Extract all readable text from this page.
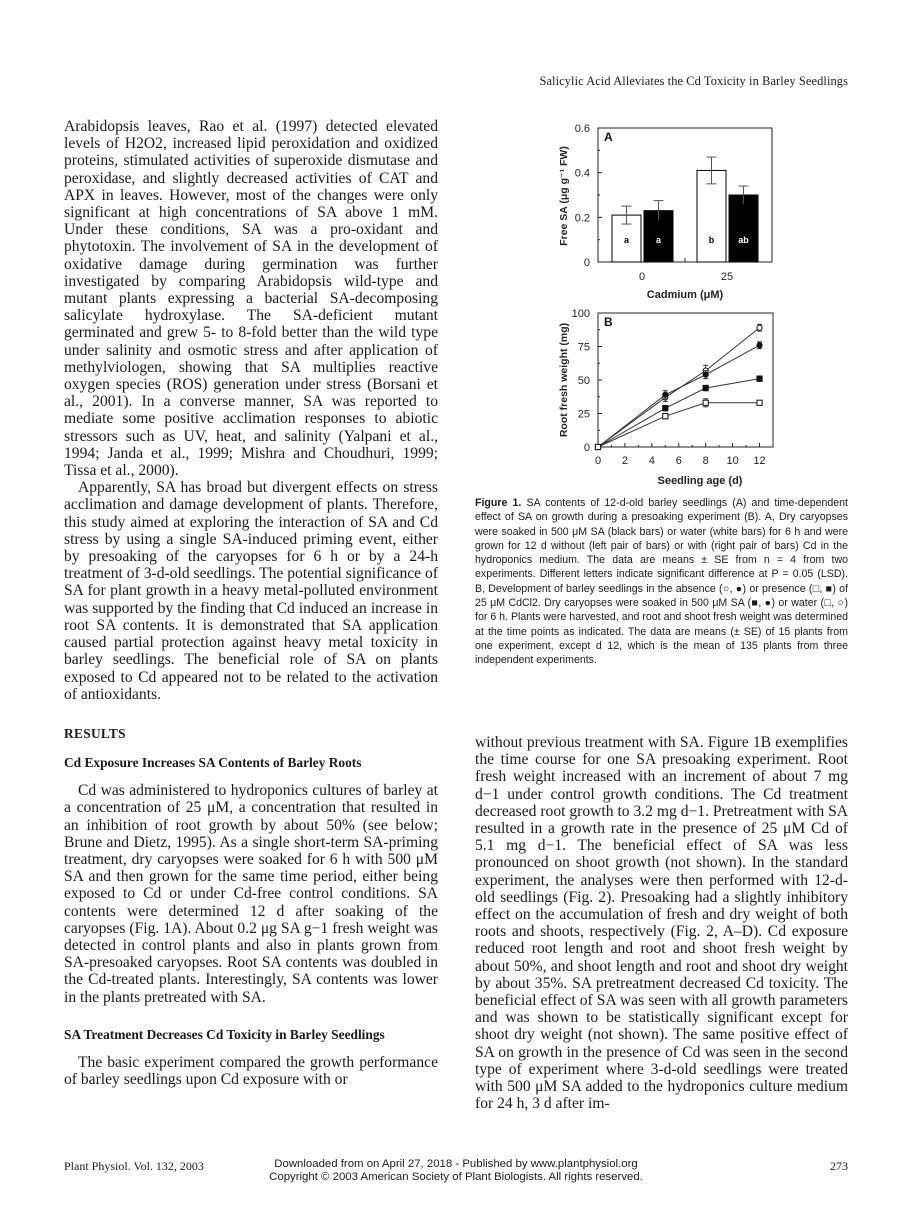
Salicylic Acid Alleviates the Cd Toxicity in Barley Seedlings

Arabidopsis leaves, Rao et al. (1997) detected elevated levels of H2O2, increased lipid peroxidation and oxidized proteins, stimulated activities of superoxide dismutase and peroxidase, and slightly decreased activities of CAT and APX in leaves. However, most of the changes were only significant at high concentrations of SA above 1 mM. Under these conditions, SA was a pro-oxidant and phytotoxin. The involvement of SA in the development of oxidative damage during germination was further investigated by comparing Arabidopsis wild-type and mutant plants expressing a bacterial SA-decomposing salicylate hydroxylase. The SA-deficient mutant germinated and grew 5- to 8-fold better than the wild type under salinity and osmotic stress and after application of methylviologen, showing that SA multiplies reactive oxygen species (ROS) generation under stress (Borsani et al., 2001). In a converse manner, SA was reported to mediate some positive acclimation responses to abiotic stressors such as UV, heat, and salinity (Yalpani et al., 1994; Janda et al., 1999; Mishra and Choudhuri, 1999; Tissa et al., 2000).

Apparently, SA has broad but divergent effects on stress acclimation and damage development of plants. Therefore, this study aimed at exploring the interaction of SA and Cd stress by using a single SA-induced priming event, either by presoaking of the caryopses for 6 h or by a 24-h treatment of 3-d-old seedlings. The potential significance of SA for plant growth in a heavy metal-polluted environment was supported by the finding that Cd induced an increase in root SA contents. It is demonstrated that SA application caused partial protection against heavy metal toxicity in barley seedlings. The beneficial role of SA on plants exposed to Cd appeared not to be related to the activation of antioxidants.

RESULTS

Cd Exposure Increases SA Contents of Barley Roots

Cd was administered to hydroponics cultures of barley at a concentration of 25 μM, a concentration that resulted in an inhibition of root growth by about 50% (see below; Brune and Dietz, 1995). As a single short-term SA-priming treatment, dry caryopses were soaked for 6 h with 500 μM SA and then grown for the same time period, either being exposed to Cd or under Cd-free control conditions. SA contents were determined 12 d after soaking of the caryopses (Fig. 1A). About 0.2 μg SA g−1 fresh weight was detected in control plants and also in plants grown from SA-presoaked caryopses. Root SA contents was doubled in the Cd-treated plants. Interestingly, SA contents was lower in the plants pretreated with SA.

SA Treatment Decreases Cd Toxicity in Barley Seedlings

The basic experiment compared the growth performance of barley seedlings upon Cd exposure with or

0
0.2
0.4
0.6
a	a
0
b	ab
25
A
Cadmium (μM)
Free SA (μg g⁻¹ FW)
0
25
50
75
100
0 2 4 6 8 10 12
B
Seedling age (d)
Root fresh weight (mg)
Figure 1. SA contents of 12-d-old barley seedlings (A) and time-dependent effect of SA on growth during a presoaking experiment (B). A, Dry caryopses were soaked in 500 μM SA (black bars) or water (white bars) for 6 h and were grown for 12 d without (left pair of bars) or with (right pair of bars) Cd in the hydroponics medium. The data are means ± SE from n = 4 from two experiments. Different letters indicate significant difference at P = 0.05 (LSD). B, Development of barley seedlings in the absence (○, ●) or presence (□, ■) of 25 μM CdCl2. Dry caryopses were soaked in 500 μM SA (■, ●) or water (□, ○) for 6 h. Plants were harvested, and root and shoot fresh weight was determined at the time points as indicated. The data are means (± SE) of 15 plants from one experiment, except d 12, which is the mean of 135 plants from three independent experiments.

without previous treatment with SA. Figure 1B exemplifies the time course for one SA presoaking experiment. Root fresh weight increased with an increment of about 7 mg d−1 under control growth conditions. The Cd treatment decreased root growth to 3.2 mg d−1. Pretreatment with SA resulted in a growth rate in the presence of 25 μM Cd of 5.1 mg d−1. The beneficial effect of SA was less pronounced on shoot growth (not shown). In the standard experiment, the analyses were then performed with 12-d-old seedlings (Fig. 2). Presoaking had a slightly inhibitory effect on the accumulation of fresh and dry weight of both roots and shoots, respectively (Fig. 2, A–D). Cd exposure reduced root length and root and shoot fresh weight by about 50%, and shoot length and root and shoot dry weight by about 35%. SA pretreatment decreased Cd toxicity. The beneficial effect of SA was seen with all growth parameters and was shown to be statistically significant except for shoot dry weight (not shown). The same positive effect of SA on growth in the presence of Cd was seen in the second type of experiment where 3-d-old seedlings were treated with 500 μM SA added to the hydroponics culture medium for 24 h, 3 d after im-

Plant Physiol. Vol. 132, 2003	Downloaded from on April 27, 2018 - Published by www.plantphysiol.org
Copyright © 2003 American Society of Plant Biologists. All rights reserved.
273
